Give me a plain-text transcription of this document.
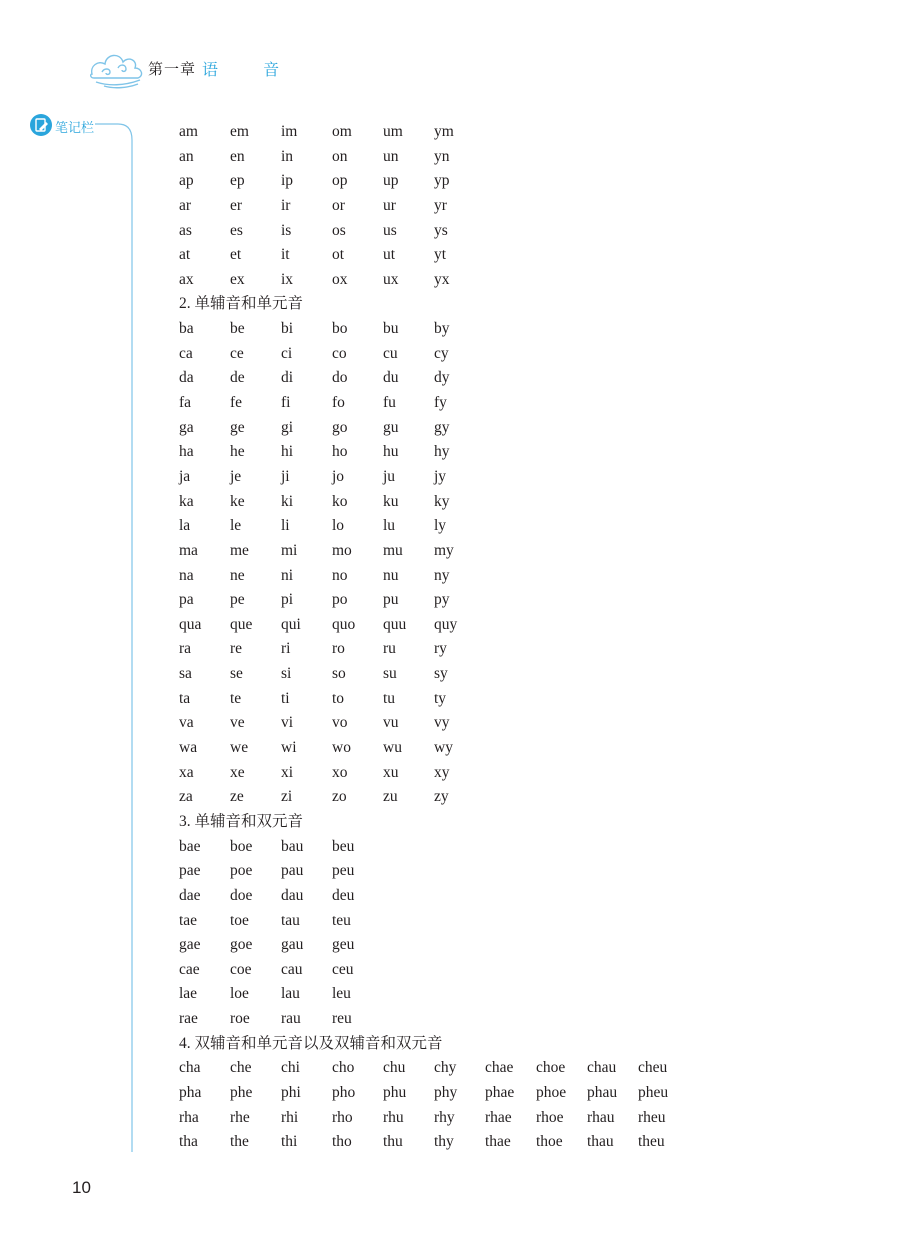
第一章 语 音
笔记栏	am em im om um ym
an en in	on un yn
ap ep ip	op up yp
ar	er	ir	or ur yr
as es is	os us ys
at	et	it	ot	ut	yt
ax ex ix	ox ux yx
2. 单辅音和单元音
ba be bi	bo bu by
ca ce ci	co cu cy
da de di	do du dy
fa	fe	fi	fo fu fy
ga ge gi	go gu gy
ha he hi	ho hu hy
ja	je	ji	jo	ju	jy
ka ke ki	ko ku ky
la	le	li	lo	lu	ly
ma me mi mo mu my
na ne ni	no nu ny
pa pe pi	po pu py
qua que qui quo quu quy
ra	re	ri	ro ru ry
sa se si	so su sy
ta	te	ti	to	tu	ty
va ve vi	vo vu vy
wa we wi wo wu wy
xa xe xi	xo xu xy
za ze zi	zo zu zy
3. 单辅音和双元音
bae boe bau beu
pae poe pau peu
dae doe dau deu
tae toe tau teu
gae goe gau geu
cae coe cau ceu
lae loe lau leu
rae roe rau reu
4. 双辅音和单元音以及双辅音和双元音
cha che chi cho chu chy chae choe chau cheu
pha phe phi pho phu phy phae phoe phau pheu
rha rhe rhi rho rhu rhy rhae rhoe rhau rheu
tha the thi tho thu thy thae thoe thau theu
10
